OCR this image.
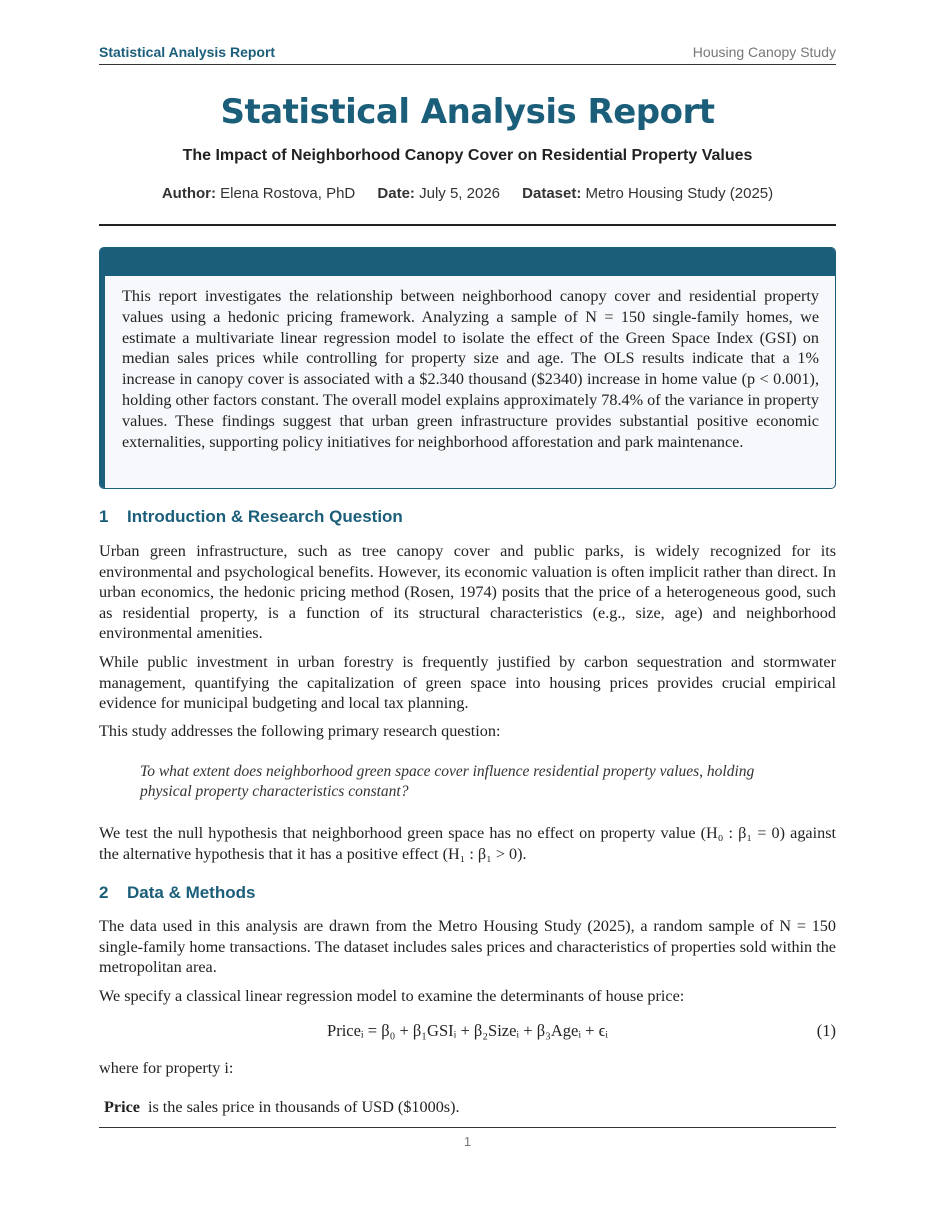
Statistical Analysis Report	Housing Canopy Study
Statistical Analysis Report
The Impact of Neighborhood Canopy Cover on Residential Property Values
Author: Elena Rostova, PhD Date: July 5, 2026 Dataset: Metro Housing Study (2025)

This report investigates the relationship between neighborhood canopy cover and residential property values using a hedonic pricing framework. Analyzing a sample of N = 150 single-family homes, we estimate a multivariate linear regression model to isolate the effect of the Green Space Index (GSI) on median sales prices while controlling for property size and age. The OLS results indicate that a 1% increase in canopy cover is associated with a $2.340 thousand ($2340) increase in home value (p < 0.001), holding other factors constant. The overall model explains approximately 78.4% of the variance in property values. These findings suggest that urban green infrastructure provides substantial positive economic externalities, supporting policy initiatives for neighborhood afforestation and park maintenance.

1 Introduction & Research Question

Urban green infrastructure, such as tree canopy cover and public parks, is widely recognized for its environmental and psychological benefits. However, its economic valuation is often implicit rather than direct. In urban economics, the hedonic pricing method (Rosen, 1974) posits that the price of a heterogeneous good, such as residential property, is a function of its structural characteristics (e.g., size, age) and neighborhood environmental amenities.

While public investment in urban forestry is frequently justified by carbon sequestration and stormwater management, quantifying the capitalization of green space into housing prices provides crucial empirical evidence for municipal budgeting and local tax planning.

This study addresses the following primary research question:

To what extent does neighborhood green space cover influence residential property values, holding physical property characteristics constant?

We test the null hypothesis that neighborhood green space has no effect on property value (H₀ : β₁ = 0) against the alternative hypothesis that it has a positive effect (H₁ : β₁ > 0).

2 Data & Methods

The data used in this analysis are drawn from the Metro Housing Study (2025), a random sample of N = 150 single-family home transactions. The dataset includes sales prices and characteristics of properties sold within the metropolitan area.

We specify a classical linear regression model to examine the determinants of house price:

Priceᵢ = β₀ + β₁GSIᵢ + β₂Sizeᵢ + β₃Ageᵢ + ϵᵢ	(1)

where for property i:

Price is the sales price in thousands of USD ($1000s).
1
